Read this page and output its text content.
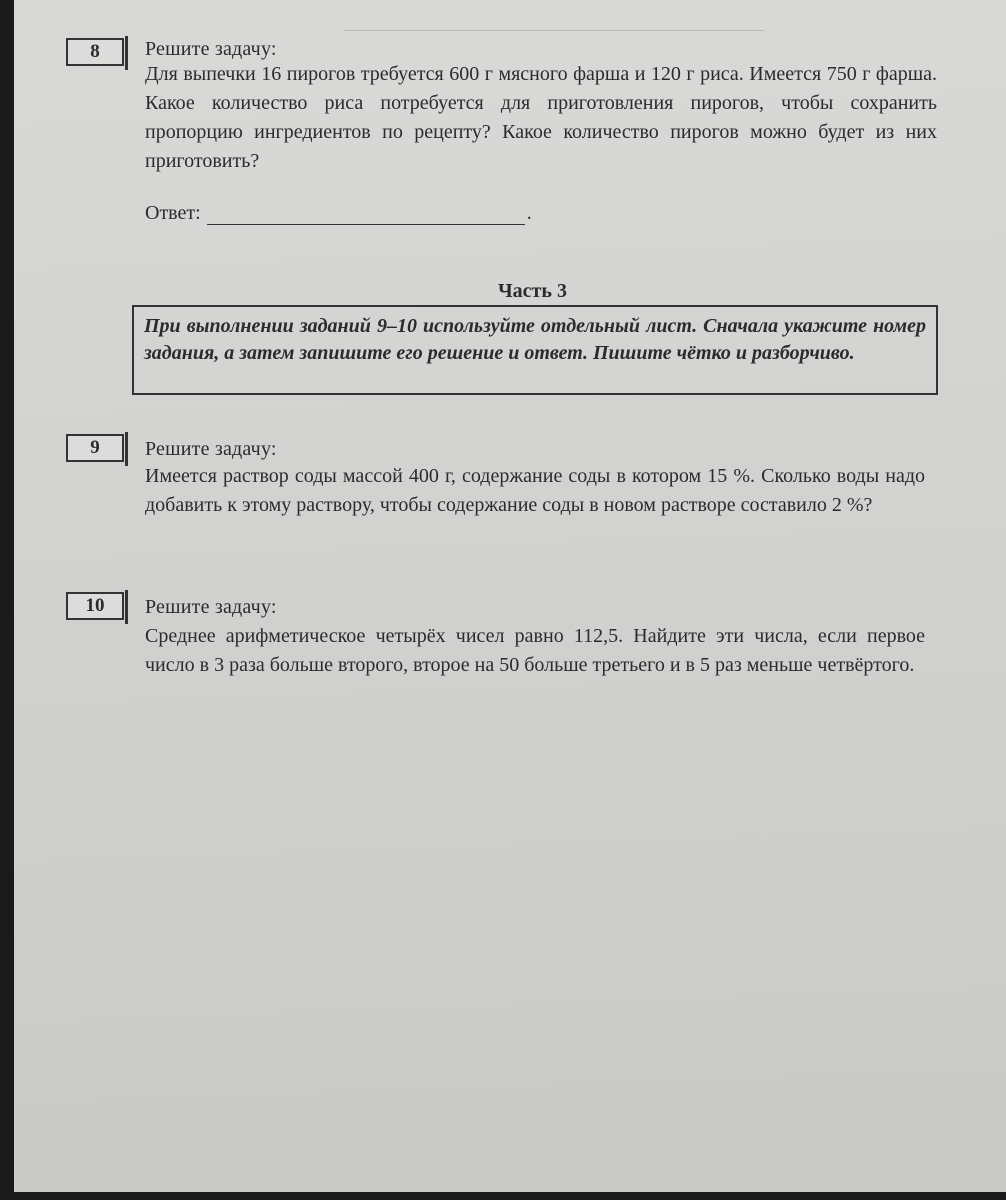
8	Решите задачу:
Для выпечки 16 пирогов требуется 600 г мясного фарша и 120 г риса. Имеется 750 г фарша. Какое количество риса потребуется для приготовления пирогов, чтобы сохранить пропорцию ингредиентов по рецепту? Какое количество пирогов можно будет из них приготовить?
Ответ:	.
Часть 3
При выполнении заданий 9–10 используйте отдельный лист. Сначала укажите номер задания, а затем запишите его решение и ответ. Пишите чётко и разборчиво.
9	Решите задачу:
Имеется раствор соды массой 400 г, содержание соды в котором 15 %. Сколько воды надо добавить к этому раствору, чтобы содержание соды в новом растворе составило 2 %?
10	Решите задачу:
Среднее арифметическое четырёх чисел равно 112,5. Найдите эти числа, если первое число в 3 раза больше второго, второе на 50 больше третьего и в 5 раз меньше четвёртого.
